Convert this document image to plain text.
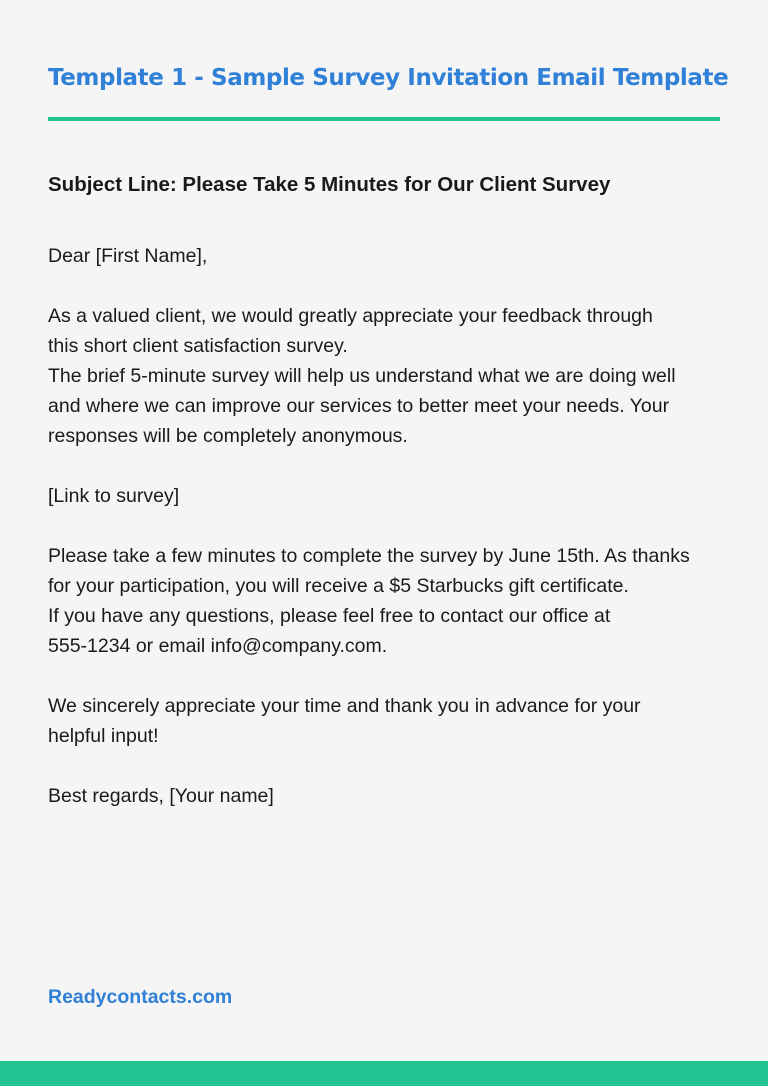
Template 1 - Sample Survey Invitation Email Template
Subject Line: Please Take 5 Minutes for Our Client Survey
Dear [First Name],
As a valued client, we would greatly appreciate your feedback through
this short client satisfaction survey.
The brief 5-minute survey will help us understand what we are doing well
and where we can improve our services to better meet your needs. Your
responses will be completely anonymous.
[Link to survey]
Please take a few minutes to complete the survey by June 15th. As thanks
for your participation, you will receive a $5 Starbucks gift certificate.
If you have any questions, please feel free to contact our office at
555-1234 or email info@company.com.
We sincerely appreciate your time and thank you in advance for your
helpful input!
Best regards, [Your name]
Readycontacts.com
